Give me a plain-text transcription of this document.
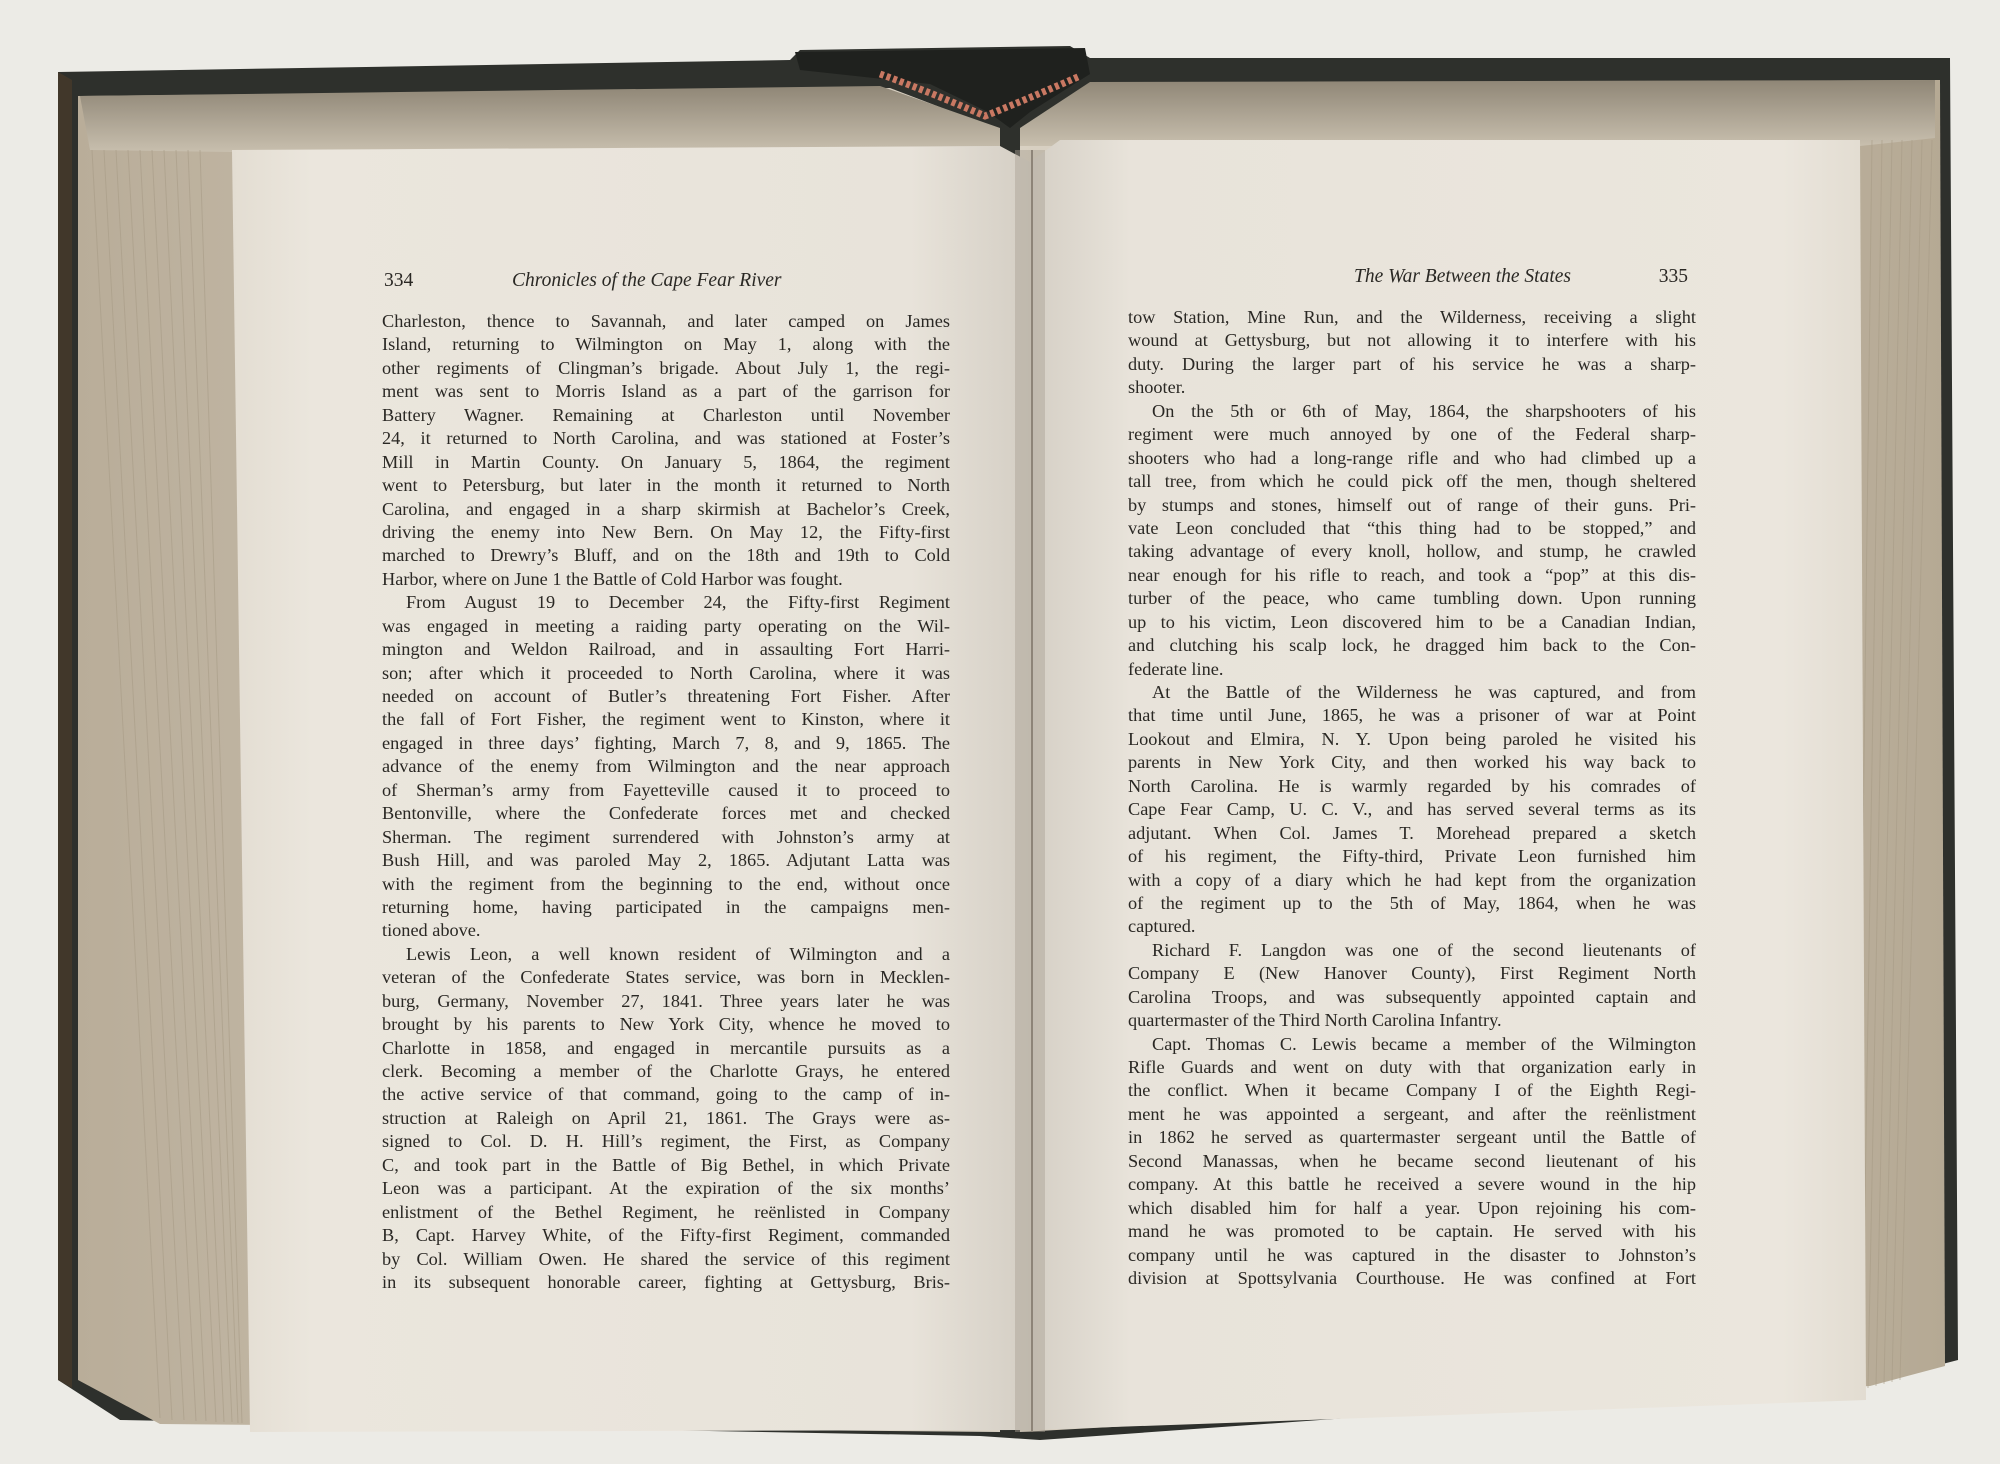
334	Chronicles of the Cape Fear River
Charleston, thence to Savannah, and later camped on James
Island, returning to Wilmington on May 1, along with the
other regiments of Clingman’s brigade. About July 1, the regi-
ment was sent to Morris Island as a part of the garrison for
Battery Wagner. Remaining at Charleston until November
24, it returned to North Carolina, and was stationed at Foster’s
Mill in Martin County. On January 5, 1864, the regiment
went to Petersburg, but later in the month it returned to North
Carolina, and engaged in a sharp skirmish at Bachelor’s Creek,
driving the enemy into New Bern. On May 12, the Fifty-first
marched to Drewry’s Bluff, and on the 18th and 19th to Cold
Harbor, where on June 1 the Battle of Cold Harbor was fought.
From August 19 to December 24, the Fifty-first Regiment
was engaged in meeting a raiding party operating on the Wil-
mington and Weldon Railroad, and in assaulting Fort Harri-
son; after which it proceeded to North Carolina, where it was
needed on account of Butler’s threatening Fort Fisher. After
the fall of Fort Fisher, the regiment went to Kinston, where it
engaged in three days’ fighting, March 7, 8, and 9, 1865. The
advance of the enemy from Wilmington and the near approach
of Sherman’s army from Fayetteville caused it to proceed to
Bentonville, where the Confederate forces met and checked
Sherman. The regiment surrendered with Johnston’s army at
Bush Hill, and was paroled May 2, 1865. Adjutant Latta was
with the regiment from the beginning to the end, without once
returning home, having participated in the campaigns men-
tioned above.
Lewis Leon, a well known resident of Wilmington and a
veteran of the Confederate States service, was born in Mecklen-
burg, Germany, November 27, 1841. Three years later he was
brought by his parents to New York City, whence he moved to
Charlotte in 1858, and engaged in mercantile pursuits as a
clerk. Becoming a member of the Charlotte Grays, he entered
the active service of that command, going to the camp of in-
struction at Raleigh on April 21, 1861. The Grays were as-
signed to Col. D. H. Hill’s regiment, the First, as Company
C, and took part in the Battle of Big Bethel, in which Private
Leon was a participant. At the expiration of the six months’
enlistment of the Bethel Regiment, he reënlisted in Company
B, Capt. Harvey White, of the Fifty-first Regiment, commanded
by Col. William Owen. He shared the service of this regiment
in its subsequent honorable career, fighting at Gettysburg, Bris-
The War Between the States	335
tow Station, Mine Run, and the Wilderness, receiving a slight
wound at Gettysburg, but not allowing it to interfere with his
duty. During the larger part of his service he was a sharp-
shooter.
On the 5th or 6th of May, 1864, the sharpshooters of his
regiment were much annoyed by one of the Federal sharp-
shooters who had a long-range rifle and who had climbed up a
tall tree, from which he could pick off the men, though sheltered
by stumps and stones, himself out of range of their guns. Pri-
vate Leon concluded that “this thing had to be stopped,” and
taking advantage of every knoll, hollow, and stump, he crawled
near enough for his rifle to reach, and took a “pop” at this dis-
turber of the peace, who came tumbling down. Upon running
up to his victim, Leon discovered him to be a Canadian Indian,
and clutching his scalp lock, he dragged him back to the Con-
federate line.
At the Battle of the Wilderness he was captured, and from
that time until June, 1865, he was a prisoner of war at Point
Lookout and Elmira, N. Y. Upon being paroled he visited his
parents in New York City, and then worked his way back to
North Carolina. He is warmly regarded by his comrades of
Cape Fear Camp, U. C. V., and has served several terms as its
adjutant. When Col. James T. Morehead prepared a sketch
of his regiment, the Fifty-third, Private Leon furnished him
with a copy of a diary which he had kept from the organization
of the regiment up to the 5th of May, 1864, when he was
captured.
Richard F. Langdon was one of the second lieutenants of
Company E (New Hanover County), First Regiment North
Carolina Troops, and was subsequently appointed captain and
quartermaster of the Third North Carolina Infantry.
Capt. Thomas C. Lewis became a member of the Wilmington
Rifle Guards and went on duty with that organization early in
the conflict. When it became Company I of the Eighth Regi-
ment he was appointed a sergeant, and after the reënlistment
in 1862 he served as quartermaster sergeant until the Battle of
Second Manassas, when he became second lieutenant of his
company. At this battle he received a severe wound in the hip
which disabled him for half a year. Upon rejoining his com-
mand he was promoted to be captain. He served with his
company until he was captured in the disaster to Johnston’s
division at Spottsylvania Courthouse. He was confined at Fort
